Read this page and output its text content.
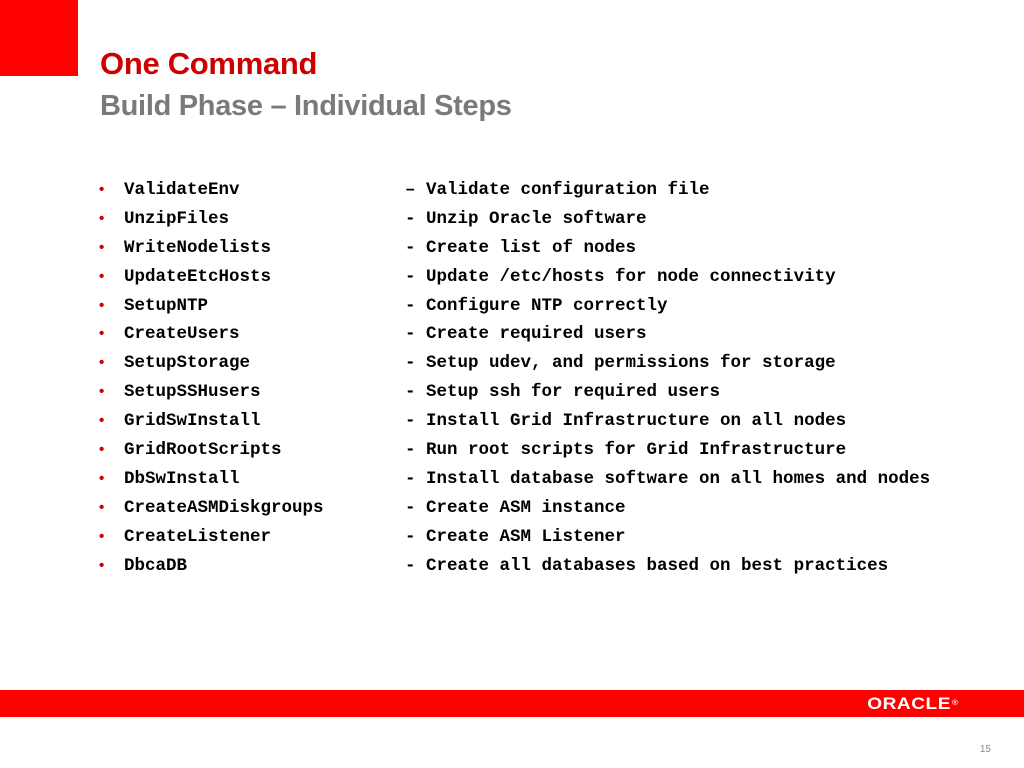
One Command
Build Phase – Individual Steps
• ValidateEnv	– Validate configuration file
• UnzipFiles	- Unzip Oracle software
• WriteNodelists	- Create list of nodes
• UpdateEtcHosts	- Update /etc/hosts for node connectivity
• SetupNTP	- Configure NTP correctly
• CreateUsers	- Create required users
• SetupStorage	- Setup udev, and permissions for storage
• SetupSSHusers	- Setup ssh for required users
• GridSwInstall	- Install Grid Infrastructure on all nodes
• GridRootScripts	- Run root scripts for Grid Infrastructure
• DbSwInstall	- Install database software on all homes and nodes
• CreateASMDiskgroups	- Create ASM instance
• CreateListener	- Create ASM Listener
• DbcaDB	- Create all databases based on best practices
ORACLE®
15
